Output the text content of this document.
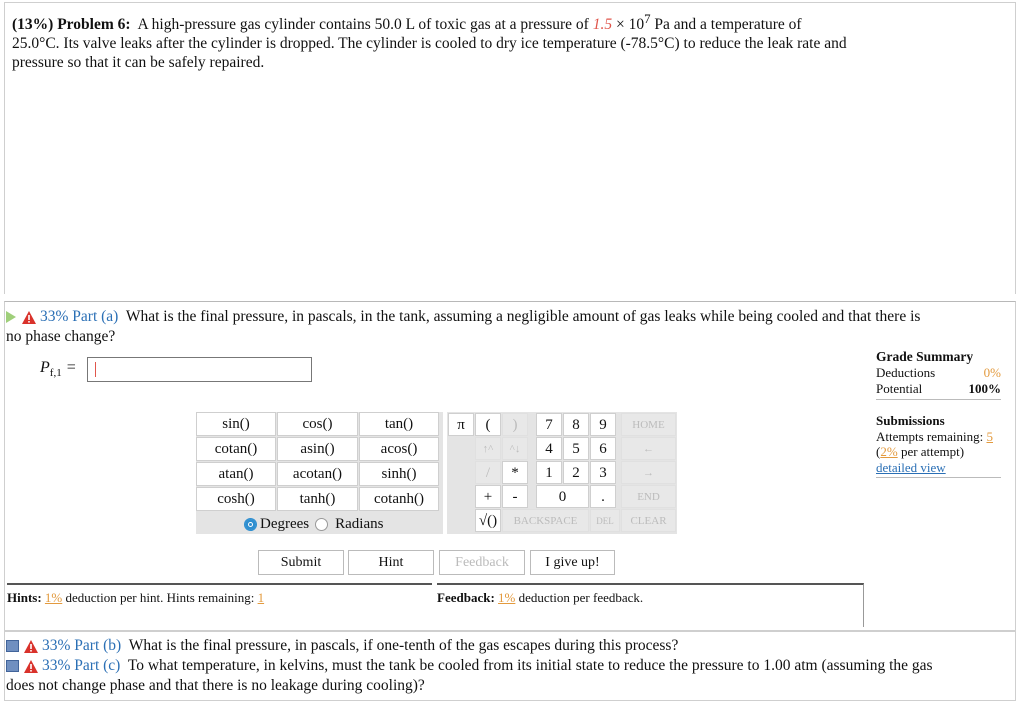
(13%) Problem 6: A high-pressure gas cylinder contains 50.0 L of toxic gas at a pressure of $1.5 \times 10^7$ Pa and a temperature of
25.0°C. Its valve leaks after the cylinder is dropped. The cylinder is cooled to dry ice temperature (-78.5°C) to reduce the leak rate and
pressure so that it can be safely repaired.
33% Part (a) What is the final pressure, in pascals, in the tank, assuming a negligible amount of gas leaks while being cooled and that there is
no phase change?
$P_{f,1}$ =
Grade Summary
Deductions	0%
Potential	100%
Submissions
Attempts remaining: 5
(2% per attempt)
detailed view
sin()	cos()	tan()
cotan()	asin()	acos()
atan()	acotan()	sinh()
cosh()	tanh()	cotanh()
Degrees Radians
π	(	)	7	8	9	HOME
↑^	^↓	4	5	6	←
/	*	1	2	3	→
+	-	0	.	END
√()	BACKSPACE	DEL	CLEAR
Submit	Hint	Feedback	I give up!
Hints: 1% deduction per hint. Hints remaining: 1	Feedback: 1% deduction per feedback.
33% Part (b) What is the final pressure, in pascals, if one-tenth of the gas escapes during this process?
33% Part (c) To what temperature, in kelvins, must the tank be cooled from its initial state to reduce the pressure to 1.00 atm (assuming the gas
does not change phase and that there is no leakage during cooling)?
